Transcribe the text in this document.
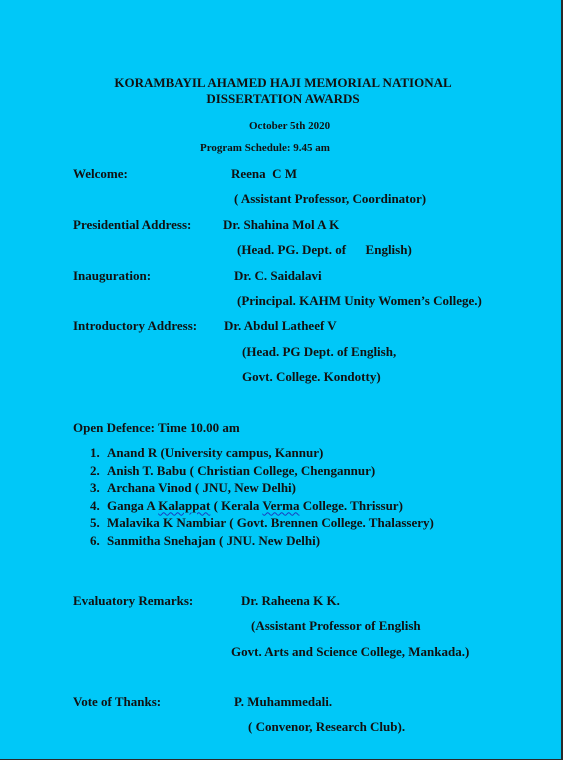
KORAMBAYIL AHAMED HAJI MEMORIAL NATIONAL
DISSERTATION AWARDS
October 5th 2020
Program Schedule: 9.45 am
Welcome:	Reena  C M
( Assistant Professor, Coordinator)
Presidential Address: Dr. Shahina Mol A K
(Head. PG. Dept. of      English)
Inauguration:	Dr. C. Saidalavi
(Principal. KAHM Unity Women’s College.)
Introductory Address: Dr. Abdul Latheef V
(Head. PG Dept. of English,
Govt. College. Kondotty)
Open Defence: Time 10.00 am
1. Anand R (University campus, Kannur)
2. Anish T. Babu ( Christian College, Chengannur)
3. Archana Vinod ( JNU, New Delhi)
4. Ganga A Kalappat ( Kerala Verma College. Thrissur)
5. Malavika K Nambiar ( Govt. Brennen College. Thalassery)
6. Sanmitha Snehajan ( JNU. New Delhi)
Evaluatory Remarks:	Dr. Raheena K K.
(Assistant Professor of English
Govt. Arts and Science College, Mankada.)
Vote of Thanks:	P. Muhammedali.
( Convenor, Research Club).
